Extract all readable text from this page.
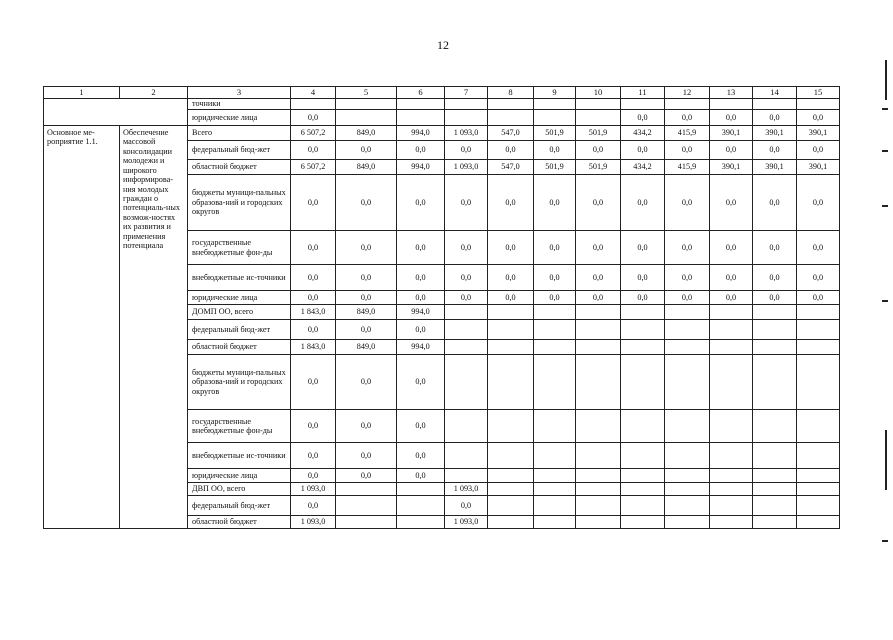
12
1	2	3	4	5	6	7	8	9	10	11	12	13	14	15
		точники												
		юридические лица	0,0							0,0	0,0	0,0	0,0	0,0
Основное ме-
роприятие 1.1.	Обеспечение массовой консолидации молодежи и широкого информирова-ния молодых граждан о потенциаль-ных возмож-ностях их развития и применения потенциала	Всего	6 507,2	849,0	994,0	1 093,0	547,0	501,9	501,9	434,2	415,9	390,1	390,1	390,1
		федеральный бюд-жет	0,0	0,0	0,0	0,0	0,0	0,0	0,0	0,0	0,0	0,0	0,0	0,0
		областной бюджет	6 507,2	849,0	994,0	1 093,0	547,0	501,9	501,9	434,2	415,9	390,1	390,1	390,1
		бюджеты муници-пальных образова-ний и городских округов	0,0	0,0	0,0	0,0	0,0	0,0	0,0	0,0	0,0	0,0	0,0	0,0
		государственные внебюджетные фон-ды	0,0	0,0	0,0	0,0	0,0	0,0	0,0	0,0	0,0	0,0	0,0	0,0
		внебюджетные ис-точники	0,0	0,0	0,0	0,0	0,0	0,0	0,0	0,0	0,0	0,0	0,0	0,0
		юридические лица	0,0	0,0	0,0	0,0	0,0	0,0	0,0	0,0	0,0	0,0	0,0	0,0
		ДОМП ОО, всего	1 843,0	849,0	994,0									
		федеральный бюд-жет	0,0	0,0	0,0									
		областной бюджет	1 843,0	849,0	994,0									
		бюджеты муници-пальных образова-ний и городских округов	0,0	0,0	0,0									
		государственные внебюджетные фон-ды	0,0	0,0	0,0									
		внебюджетные ис-точники	0,0	0,0	0,0									
		юридические лица	0,0	0,0	0,0									
		ДВП ОО, всего	1 093,0			1 093,0								
		федеральный бюд-жет	0,0			0,0								
		областной бюджет	1 093,0			1 093,0								
